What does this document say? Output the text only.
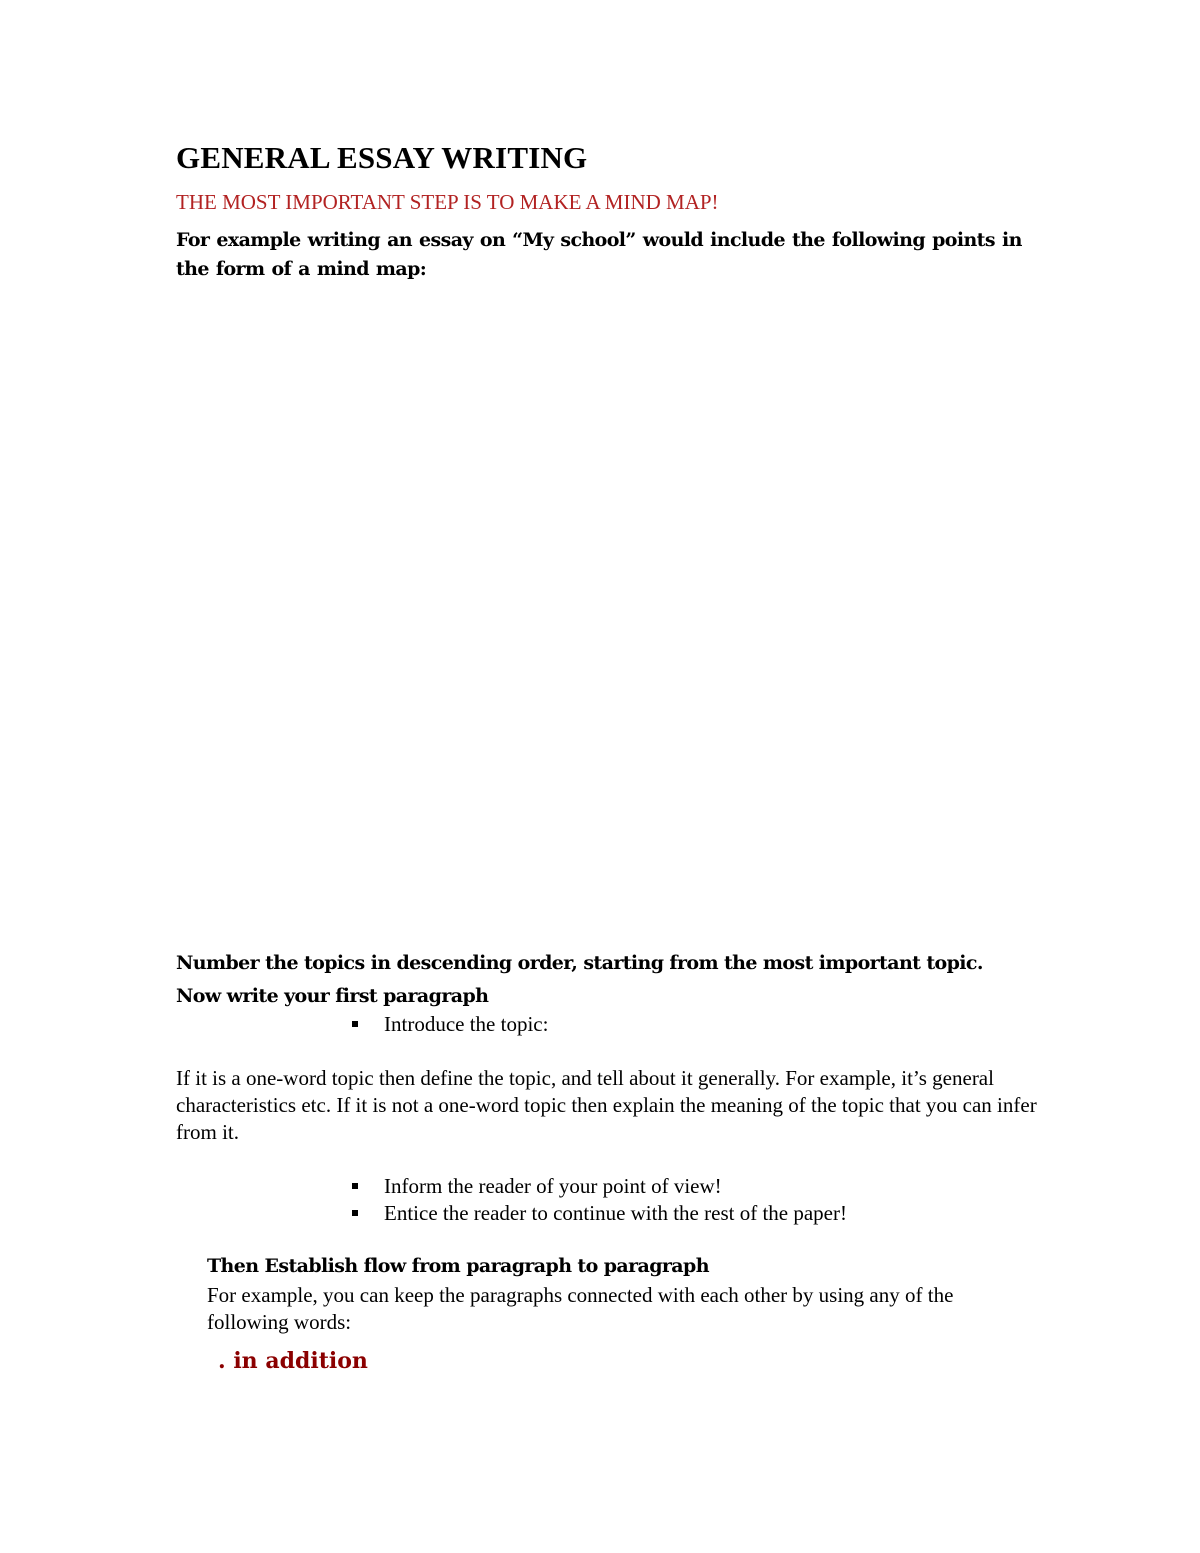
GENERAL ESSAY WRITING
THE MOST IMPORTANT STEP IS TO MAKE A MIND MAP!
For example writing an essay on “My school” would include the following points in the form of a mind map:
Number the topics in descending order, starting from the most important topic.
Now write your first paragraph
Introduce the topic:
If it is a one-word topic then define the topic, and tell about it generally. For example, it’s general characteristics etc. If it is not a one-word topic then explain the meaning of the topic that you can infer from it.
Inform the reader of your point of view!
Entice the reader to continue with the rest of the paper!
Then Establish flow from paragraph to paragraph
For example, you can keep the paragraphs connected with each other by using any of the following words:
. in addition
